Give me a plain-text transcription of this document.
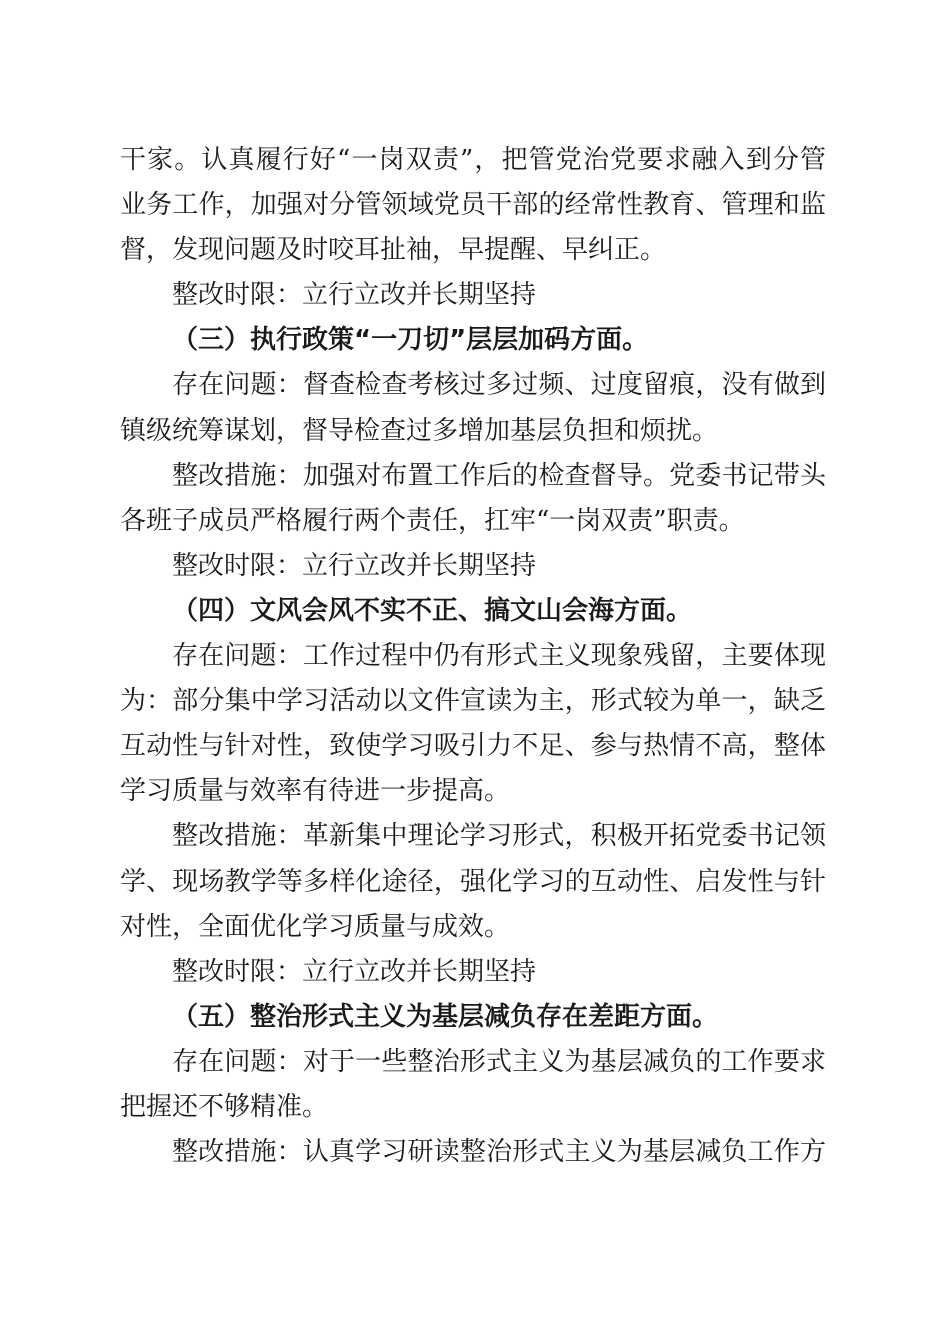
干家。认真履行好“一岗双责”，把管党治党要求融入到分管
业务工作，加强对分管领域党员干部的经常性教育、管理和监
督，发现问题及时咬耳扯袖，早提醒、早纠正。
整改时限：立行立改并长期坚持
（三）执行政策“一刀切”层层加码方面。
存在问题：督查检查考核过多过频、过度留痕，没有做到
镇级统筹谋划，督导检查过多增加基层负担和烦扰。
整改措施：加强对布置工作后的检查督导。党委书记带头
各班子成员严格履行两个责任，扛牢“一岗双责”职责。
整改时限：立行立改并长期坚持
（四）文风会风不实不正、搞文山会海方面。
存在问题：工作过程中仍有形式主义现象残留，主要体现
为：部分集中学习活动以文件宣读为主，形式较为单一，缺乏
互动性与针对性，致使学习吸引力不足、参与热情不高，整体
学习质量与效率有待进一步提高。
整改措施：革新集中理论学习形式，积极开拓党委书记领
学、现场教学等多样化途径，强化学习的互动性、启发性与针
对性，全面优化学习质量与成效。
整改时限：立行立改并长期坚持
（五）整治形式主义为基层减负存在差距方面。
存在问题：对于一些整治形式主义为基层减负的工作要求
把握还不够精准。
整改措施：认真学习研读整治形式主义为基层减负工作方
